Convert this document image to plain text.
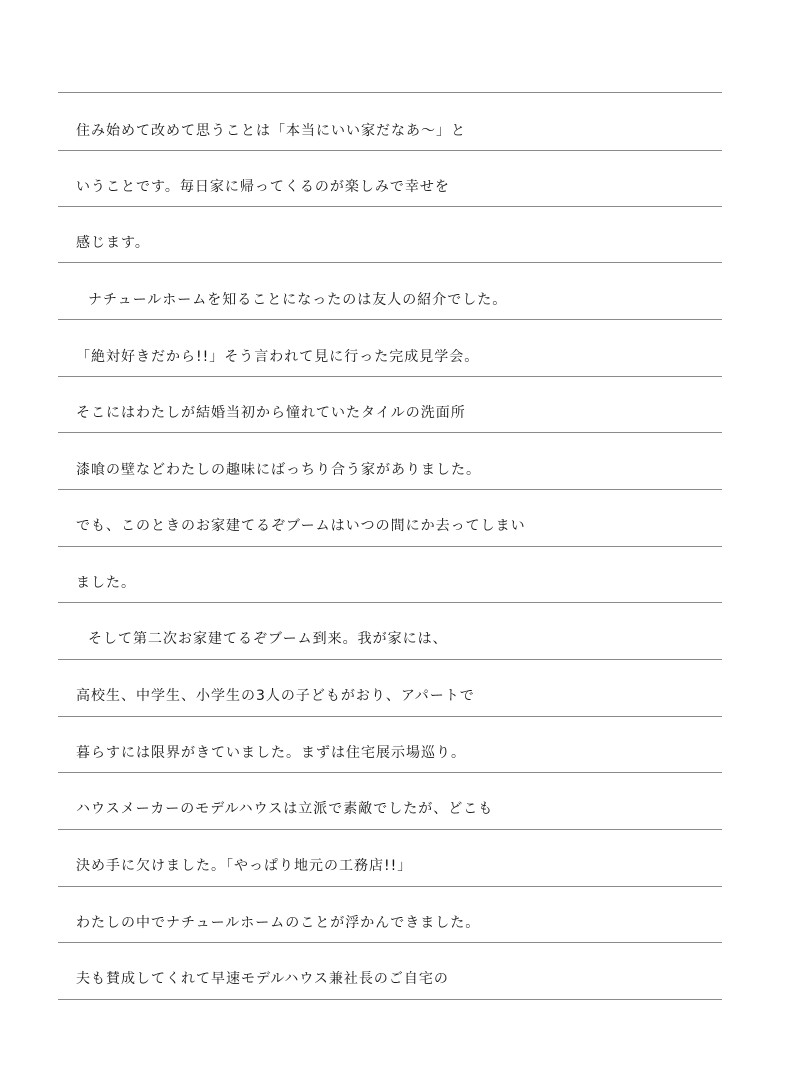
住み始めて改めて思うことは「本当にいい家だなあ〜」と
いうことです。毎日家に帰ってくるのが楽しみで幸せを
感じます。
ナチュールホームを知ることになったのは友人の紹介でした。
「絶対好きだから!!」そう言われて見に行った完成見学会。
そこにはわたしが結婚当初から憧れていたタイルの洗面所
漆喰の壁などわたしの趣味にばっちり合う家がありました。
でも、このときのお家建てるぞブームはいつの間にか去ってしまい
ました。
そして第二次お家建てるぞブーム到来。我が家には、
高校生、中学生、小学生の3人の子どもがおり、アパートで
暮らすには限界がきていました。まずは住宅展示場巡り。
ハウスメーカーのモデルハウスは立派で素敵でしたが、どこも
決め手に欠けました。「やっぱり地元の工務店!!」
わたしの中でナチュールホームのことが浮かんできました。
夫も賛成してくれて早速モデルハウス兼社長のご自宅の
